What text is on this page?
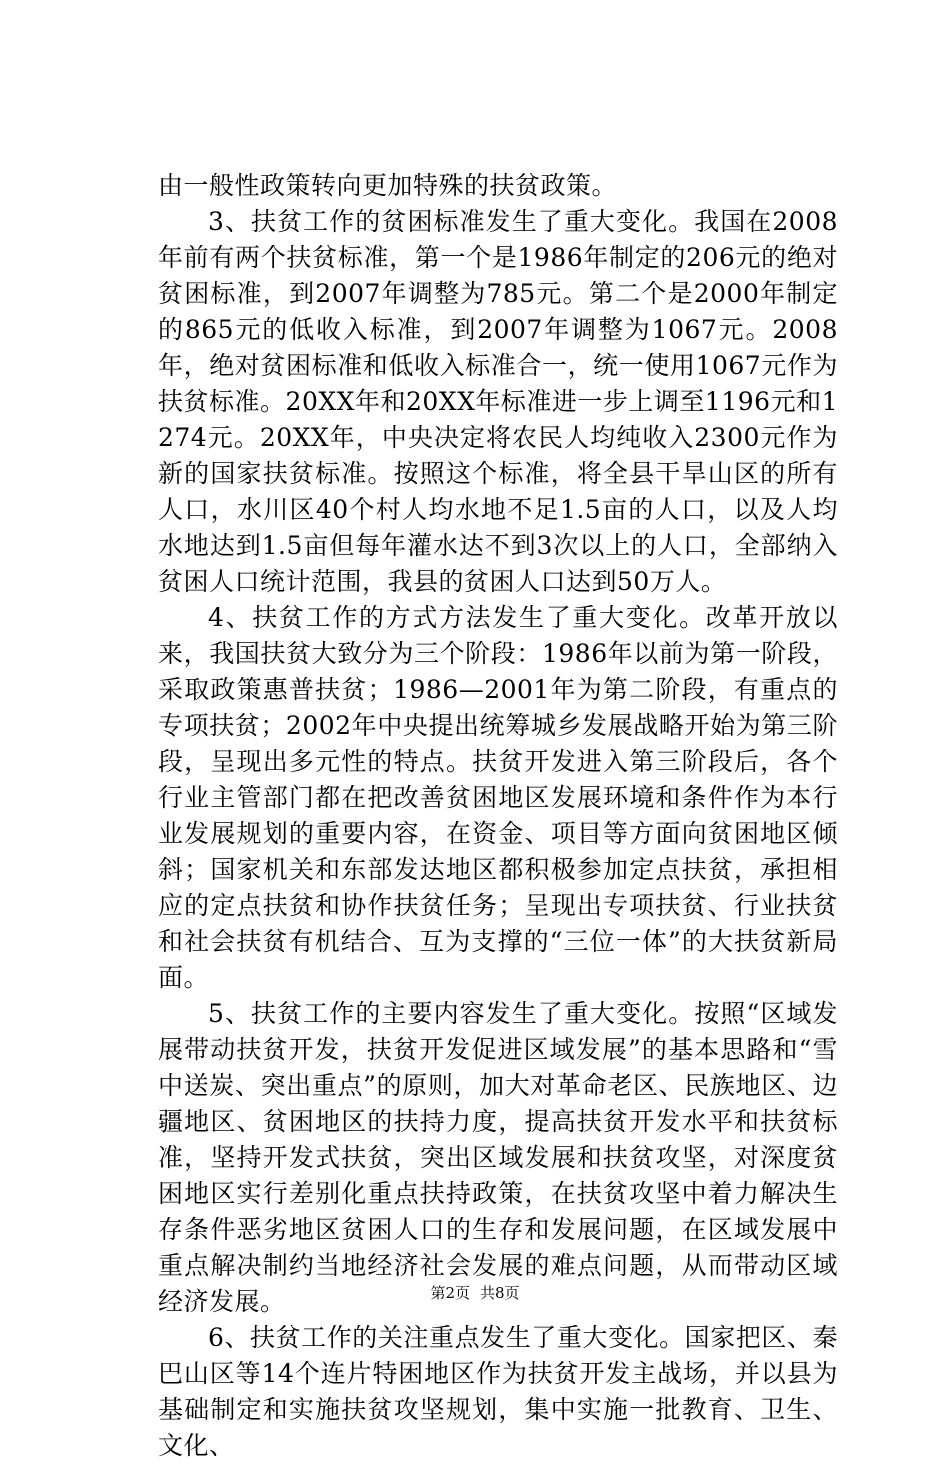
由一般性政策转向更加特殊的扶贫政策。

3、扶贫工作的贫困标准发生了重大变化。我国在2008年前有两个扶贫标准，第一个是1986年制定的206元的绝对贫困标准，到2007年调整为785元。第二个是2000年制定的865元的低收入标准，到2007年调整为1067元。2008年，绝对贫困标准和低收入标准合一，统一使用1067元作为扶贫标准。20XX年和20XX年标准进一步上调至1196元和1274元。20XX年，中央决定将农民人均纯收入2300元作为新的国家扶贫标准。按照这个标准，将全县干旱山区的所有人口，水川区40个村人均水地不足1.5亩的人口，以及人均水地达到1.5亩但每年灌水达不到3次以上的人口，全部纳入贫困人口统计范围，我县的贫困人口达到50万人。

4、扶贫工作的方式方法发生了重大变化。改革开放以来，我国扶贫大致分为三个阶段：1986年以前为第一阶段，采取政策惠普扶贫；1986—2001年为第二阶段，有重点的专项扶贫；2002年中央提出统筹城乡发展战略开始为第三阶段，呈现出多元性的特点。扶贫开发进入第三阶段后，各个行业主管部门都在把改善贫困地区发展环境和条件作为本行业发展规划的重要内容，在资金、项目等方面向贫困地区倾斜；国家机关和东部发达地区都积极参加定点扶贫，承担相应的定点扶贫和协作扶贫任务；呈现出专项扶贫、行业扶贫和社会扶贫有机结合、互为支撑的“三位一体”的大扶贫新局面。

5、扶贫工作的主要内容发生了重大变化。按照“区域发展带动扶贫开发，扶贫开发促进区域发展”的基本思路和“雪中送炭、突出重点”的原则，加大对革命老区、民族地区、边疆地区、贫困地区的扶持力度，提高扶贫开发水平和扶贫标准，坚持开发式扶贫，突出区域发展和扶贫攻坚，对深度贫困地区实行差别化重点扶持政策，在扶贫攻坚中着力解决生存条件恶劣地区贫困人口的生存和发展问题，在区域发展中重点解决制约当地经济社会发展的难点问题，从而带动区域经济发展。

6、扶贫工作的关注重点发生了重大变化。国家把区、秦巴山区等14个连片特困地区作为扶贫开发主战场，并以县为基础制定和实施扶贫攻坚规划，集中实施一批教育、卫生、文化、

第2页 共8页
